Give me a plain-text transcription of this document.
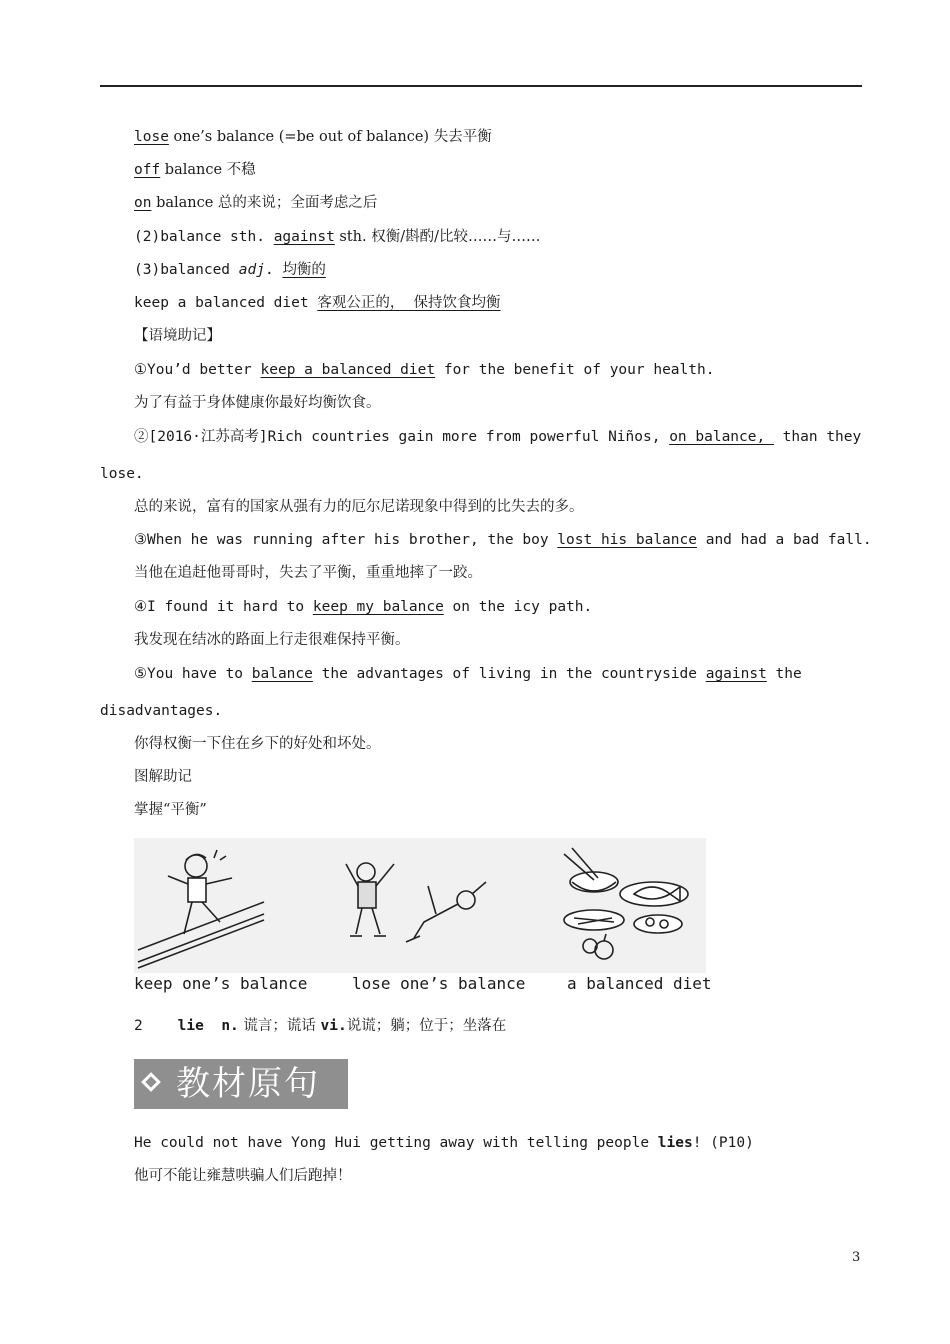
lose one’s balance (=be out of balance) 失去平衡
off balance 不稳
on balance 总的来说；全面考虑之后
(2)balance sth. against sth. 权衡/斟酌/比较……与……
(3)balanced adj. 均衡的
keep a balanced diet 客观公正的，  保持饮食均衡
【语境助记】
①You’d better keep a balanced diet for the benefit of your health.
为了有益于身体健康你最好均衡饮食。
②[2016·江苏高考]Rich countries gain more from powerful Niños, on balance,  than they
lose.
总的来说，富有的国家从强有力的厄尔尼诺现象中得到的比失去的多。
③When he was running after his brother, the boy lost his balance and had a bad fall.
当他在追赶他哥哥时，失去了平衡，重重地摔了一跤。
④I found it hard to keep my balance on the icy path.
我发现在结冰的路面上行走很难保持平衡。
⑤You have to balance the advantages of living in the countryside against the
disadvantages.
你得权衡一下住在乡下的好处和坏处。
图解助记
掌握“平衡”
keep one’s balance	lose one’s balance	a balanced diet
2 lie n. 谎言；谎话 vi.说谎；躺；位于；坐落在
教材原句
He could not have Yong Hui getting away with telling people lies! (P10)
他可不能让雍慧哄骗人们后跑掉！
3
